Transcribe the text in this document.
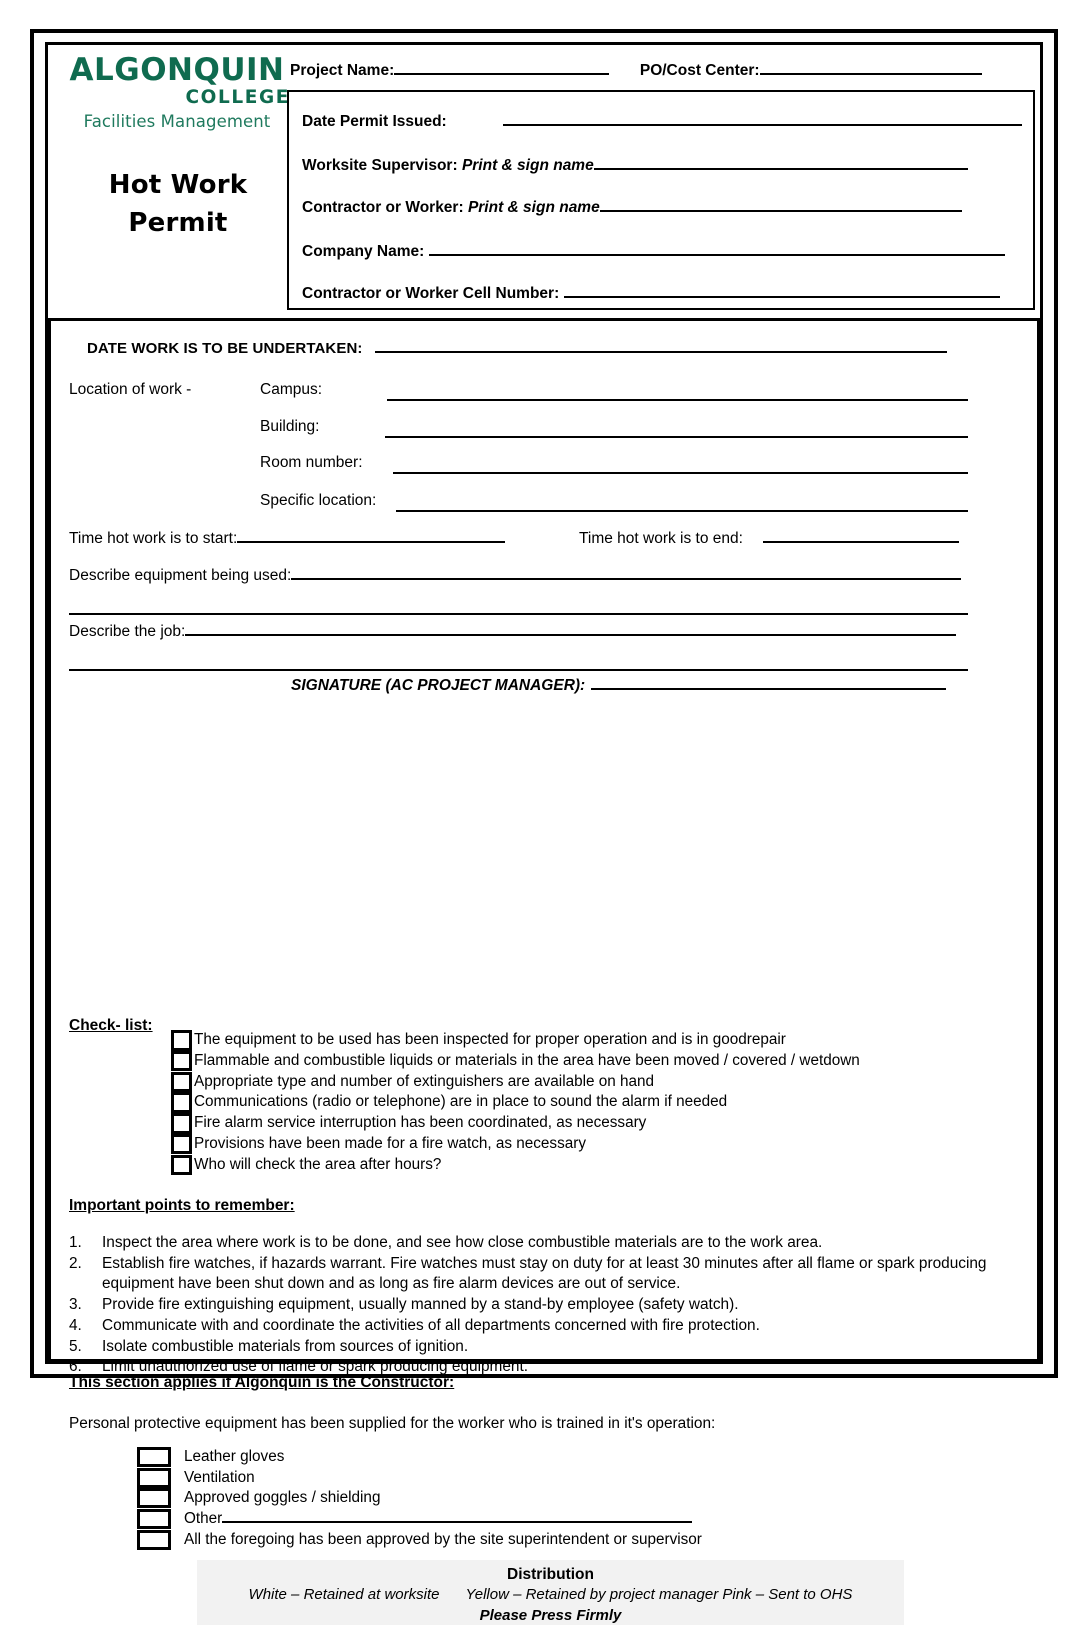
ALGONQUIN
COLLEGE
Facilities Management
Hot Work
Permit
Project Name:	PO/Cost Center:
Date Permit Issued:
Worksite Supervisor: Print & sign name
Contractor or Worker: Print & sign name
Company Name:
Contractor or Worker Cell Number:
DATE WORK IS TO BE UNDERTAKEN:
Location of work -	Campus:
Building:
Room number:
Specific location:
Time hot work is to start:	Time hot work is to end:
Describe equipment being used:
Describe the job:
SIGNATURE (AC PROJECT MANAGER):
Check- list:
The equipment to be used has been inspected for proper operation and is in goodrepair
Flammable and combustible liquids or materials in the area have been moved / covered / wetdown
Appropriate type and number of extinguishers are available on hand
Communications (radio or telephone) are in place to sound the alarm if needed
Fire alarm service interruption has been coordinated, as necessary
Provisions have been made for a fire watch, as necessary
Who will check the area after hours?
Important points to remember:
1.	Inspect the area where work is to be done, and see how close combustible materials are to the work area.
2.	Establish fire watches, if hazards warrant. Fire watches must stay on duty for at least 30 minutes after all flame or spark producing equipment have been shut down and as long as fire alarm devices are out of service.
3.	Provide fire extinguishing equipment, usually manned by a stand-by employee (safety watch).
4.	Communicate with and coordinate the activities of all departments concerned with fire protection.
5.	Isolate combustible materials from sources of ignition.
6.	Limit unauthorized use of flame or spark producing equipment.
This section applies if Algonquin is the Constructor:
Personal protective equipment has been supplied for the worker who is trained in it's operation:
Leather gloves
Ventilation
Approved goggles / shielding
Other
All the foregoing has been approved by the site superintendent or supervisor
Distribution
White – Retained at worksite Yellow – Retained by project manager Pink – Sent to OHS
Please Press Firmly
